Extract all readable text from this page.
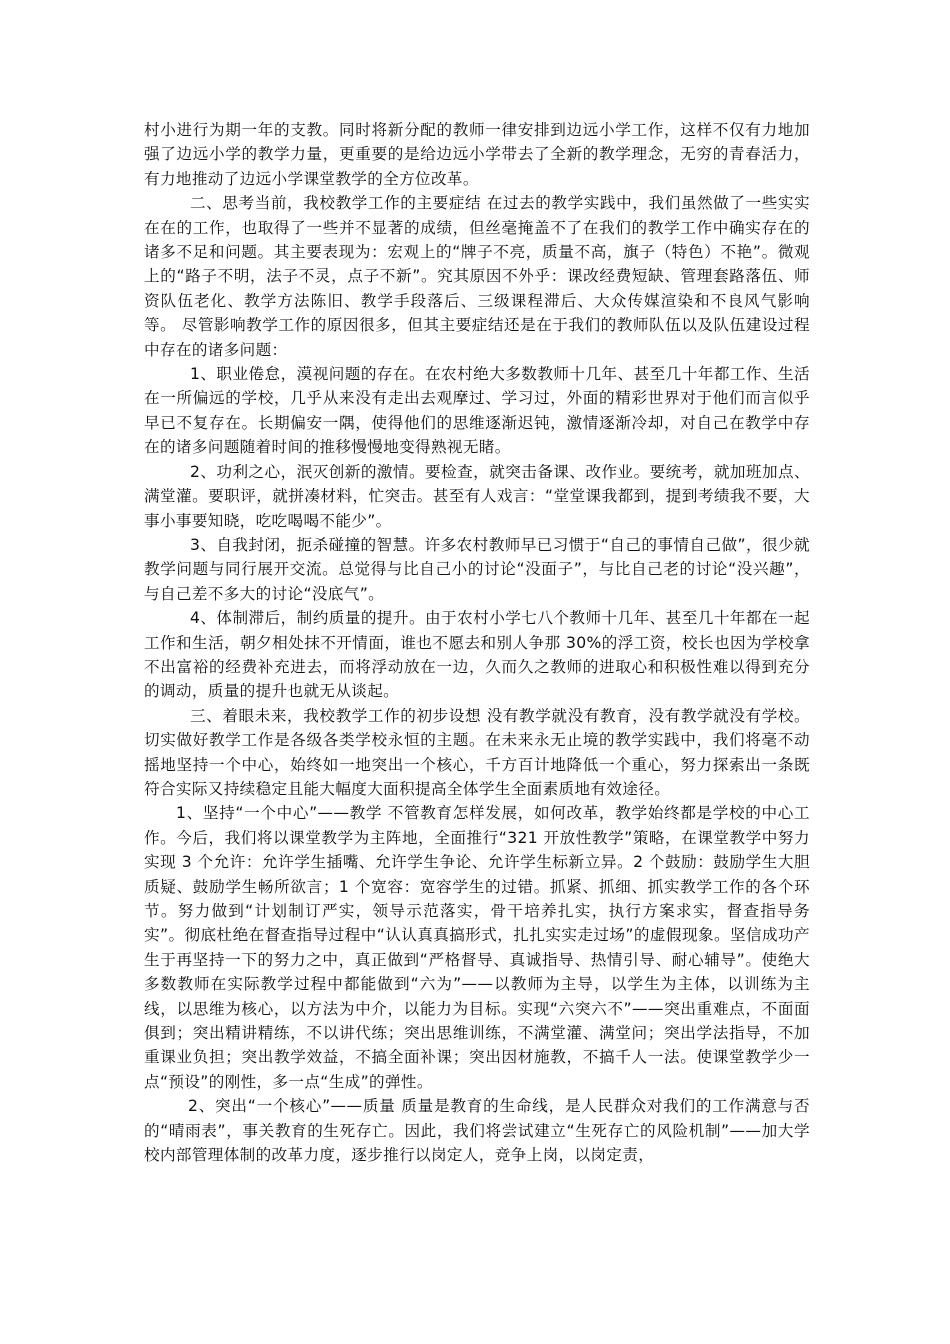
村小进行为期一年的支教。同时将新分配的教师一律安排到边远小学工作，这样不仅有力地加强了边远小学的教学力量，更重要的是给边远小学带去了全新的教学理念，无穷的青春活力，有力地推动了边远小学课堂教学的全方位改革。

二、思考当前，我校教学工作的主要症结 在过去的教学实践中，我们虽然做了一些实实在在的工作，也取得了一些并不显著的成绩，但丝毫掩盖不了在我们的教学工作中确实存在的诸多不足和问题。其主要表现为：宏观上的“牌子不亮，质量不高，旗子（特色）不艳”。微观上的“路子不明，法子不灵，点子不新”。究其原因不外乎：课改经费短缺、管理套路落伍、师资队伍老化、教学方法陈旧、教学手段落后、三级课程滞后、大众传媒渲染和不良风气影响等。 尽管影响教学工作的原因很多，但其主要症结还是在于我们的教师队伍以及队伍建设过程中存在的诸多问题：

1、职业倦怠，漠视问题的存在。在农村绝大多数教师十几年、甚至几十年都工作、生活在一所偏远的学校，几乎从来没有走出去观摩过、学习过，外面的精彩世界对于他们而言似乎早已不复存在。长期偏安一隅，使得他们的思维逐渐迟钝，激情逐渐冷却，对自己在教学中存在的诸多问题随着时间的推移慢慢地变得熟视无睹。

2、功利之心，泯灭创新的激情。要检查，就突击备课、改作业。要统考，就加班加点、满堂灌。要职评，就拼凑材料，忙突击。甚至有人戏言：“堂堂课我都到，提到考绩我不要，大事小事要知晓，吃吃喝喝不能少”。

3、自我封闭，扼杀碰撞的智慧。许多农村教师早已习惯于“自己的事情自己做”，很少就教学问题与同行展开交流。总觉得与比自己小的讨论“没面子”，与比自己老的讨论“没兴趣”，与自己差不多大的讨论“没底气”。

4、体制滞后，制约质量的提升。由于农村小学七八个教师十几年、甚至几十年都在一起工作和生活，朝夕相处抹不开情面，谁也不愿去和别人争那 30%的浮工资，校长也因为学校拿不出富裕的经费补充进去，而将浮动放在一边，久而久之教师的进取心和积极性难以得到充分的调动，质量的提升也就无从谈起。

三、着眼未来，我校教学工作的初步设想 没有教学就没有教育，没有教学就没有学校。切实做好教学工作是各级各类学校永恒的主题。在未来永无止境的教学实践中，我们将毫不动摇地坚持一个中心，始终如一地突出一个核心，千方百计地降低一个重心，努力探索出一条既符合实际又持续稳定且能大幅度大面积提高全体学生全面素质地有效途径。

1、坚持“一个中心”——教学 不管教育怎样发展，如何改革，教学始终都是学校的中心工作。今后，我们将以课堂教学为主阵地，全面推行“321 开放性教学”策略，在课堂教学中努力实现 3 个允许：允许学生插嘴、允许学生争论、允许学生标新立异。2 个鼓励：鼓励学生大胆质疑、鼓励学生畅所欲言；1 个宽容：宽容学生的过错。抓紧、抓细、抓实教学工作的各个环节。努力做到“计划制订严实，领导示范落实，骨干培养扎实，执行方案求实，督查指导务实”。彻底杜绝在督查指导过程中“认认真真搞形式，扎扎实实走过场”的虚假现象。坚信成功产生于再坚持一下的努力之中，真正做到“严格督导、真诚指导、热情引导、耐心辅导”。使绝大多数教师在实际教学过程中都能做到“六为”——以教师为主导，以学生为主体，以训练为主线，以思维为核心，以方法为中介，以能力为目标。实现“六突六不”——突出重难点，不面面俱到；突出精讲精练，不以讲代练；突出思维训练，不满堂灌、满堂问；突出学法指导，不加重课业负担；突出教学效益，不搞全面补课；突出因材施教，不搞千人一法。使课堂教学少一点“预设”的刚性，多一点“生成”的弹性。

2、突出“一个核心”——质量 质量是教育的生命线，是人民群众对我们的工作满意与否的“晴雨表”，事关教育的生死存亡。因此，我们将尝试建立“生死存亡的风险机制”——加大学校内部管理体制的改革力度，逐步推行以岗定人，竞争上岗，以岗定责，
